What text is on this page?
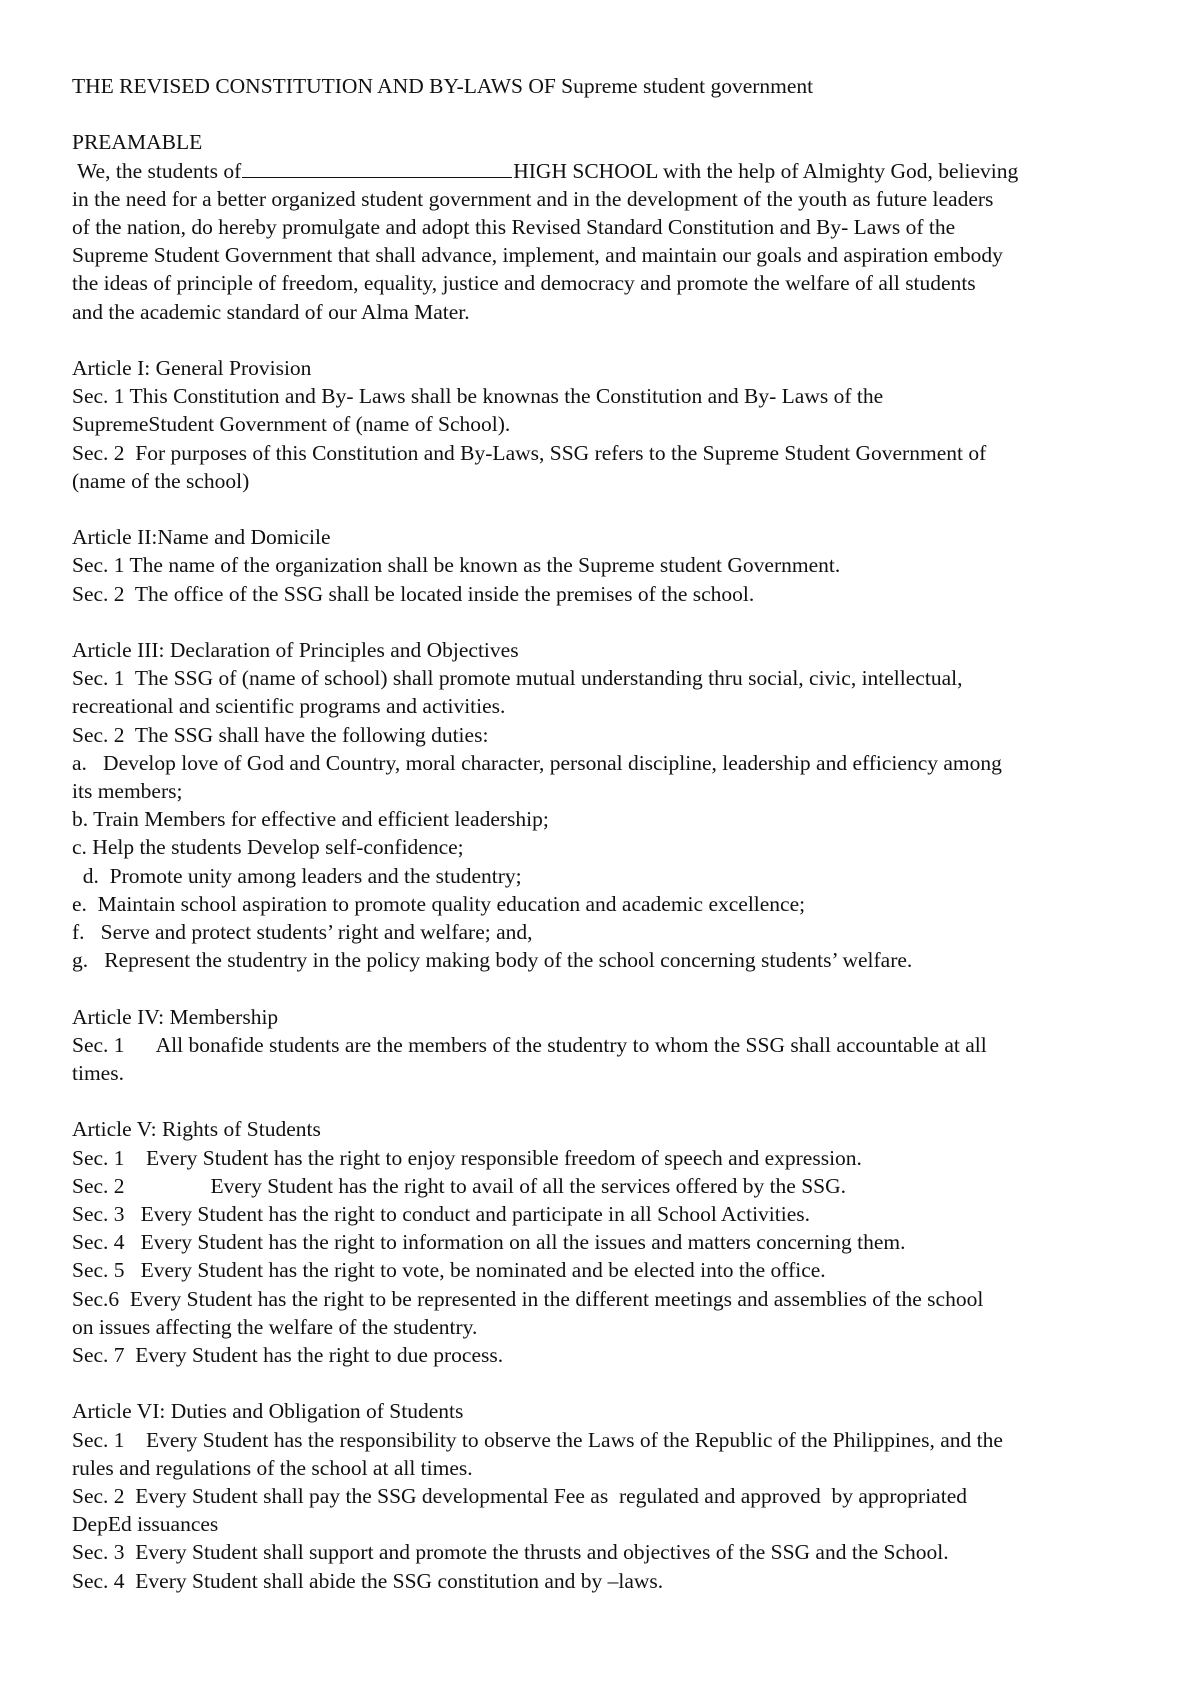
THE REVISED CONSTITUTION AND BY-LAWS OF Supreme student government
PREAMABLE
We, the students of	HIGH SCHOOL with the help of Almighty God, believing
in the need for a better organized student government and in the development of the youth as future leaders
of the nation, do hereby promulgate and adopt this Revised Standard Constitution and By- Laws of the
Supreme Student Government that shall advance, implement, and maintain our goals and aspiration embody
the ideas of principle of freedom, equality, justice and democracy and promote the welfare of all students
and the academic standard of our Alma Mater.
Article I: General Provision
Sec. 1 This Constitution and By- Laws shall be knownas the Constitution and By- Laws of the
SupremeStudent Government of (name of School).
Sec. 2  For purposes of this Constitution and By-Laws, SSG refers to the Supreme Student Government of
(name of the school)
Article II:Name and Domicile
Sec. 1 The name of the organization shall be known as the Supreme student Government.
Sec. 2  The office of the SSG shall be located inside the premises of the school.
Article III: Declaration of Principles and Objectives
Sec. 1  The SSG of (name of school) shall promote mutual understanding thru social, civic, intellectual,
recreational and scientific programs and activities.
Sec. 2  The SSG shall have the following duties:
a.   Develop love of God and Country, moral character, personal discipline, leadership and efficiency among
its members;
b. Train Members for effective and efficient leadership;
c. Help the students Develop self-confidence;
d.  Promote unity among leaders and the studentry;
e.  Maintain school aspiration to promote quality education and academic excellence;
f.   Serve and protect students’ right and welfare; and,
g.   Represent the studentry in the policy making body of the school concerning students’ welfare.
Article IV: Membership
Sec. 1      All bonafide students are the members of the studentry to whom the SSG shall accountable at all
times.
Article V: Rights of Students
Sec. 1    Every Student has the right to enjoy responsible freedom of speech and expression.
Sec. 2                Every Student has the right to avail of all the services offered by the SSG.
Sec. 3   Every Student has the right to conduct and participate in all School Activities.
Sec. 4   Every Student has the right to information on all the issues and matters concerning them.
Sec. 5   Every Student has the right to vote, be nominated and be elected into the office.
Sec.6  Every Student has the right to be represented in the different meetings and assemblies of the school
on issues affecting the welfare of the studentry.
Sec. 7  Every Student has the right to due process.
Article VI: Duties and Obligation of Students
Sec. 1    Every Student has the responsibility to observe the Laws of the Republic of the Philippines, and the
rules and regulations of the school at all times.
Sec. 2  Every Student shall pay the SSG developmental Fee as  regulated and approved  by appropriated
DepEd issuances
Sec. 3  Every Student shall support and promote the thrusts and objectives of the SSG and the School.
Sec. 4  Every Student shall abide the SSG constitution and by –laws.
